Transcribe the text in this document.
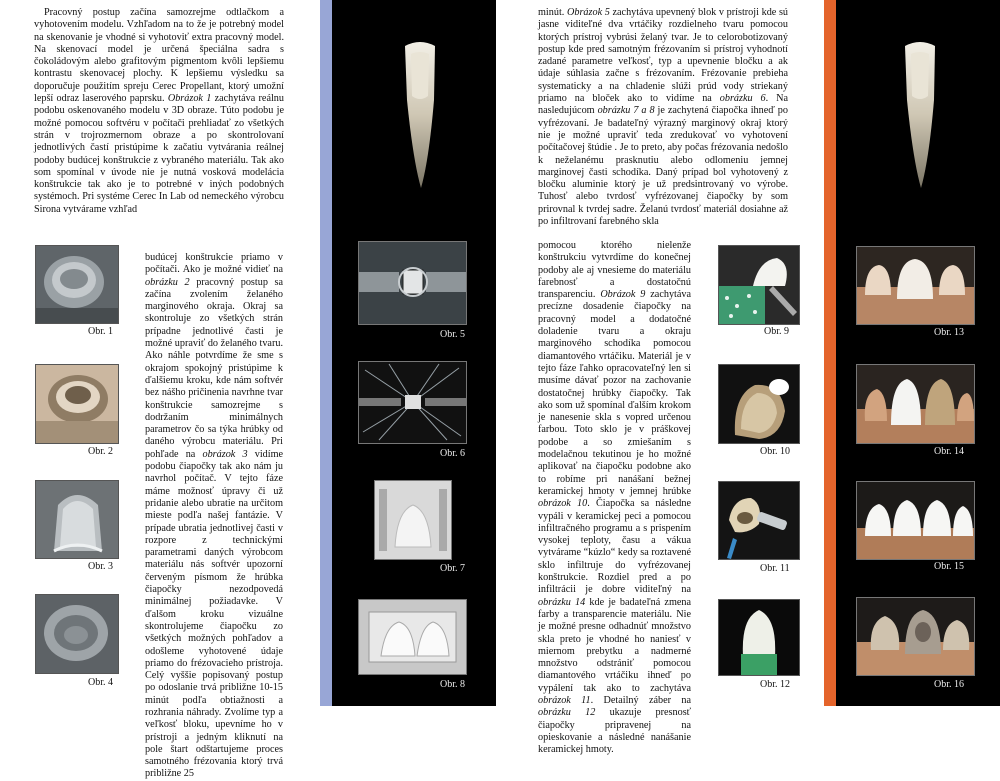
Pracovný postup začína samozrejme odtlačkom a vyhotovením modelu. Vzhľadom na to že je potrebný model na skenovanie je vhodné si vyhotoviť extra pracovný model. Na skenovací model je určená špeciálna sadra s čokoládovým alebo grafitovým pigmentom kvôli lepšiemu kontrastu skenovacej plochy. K lepšiemu výsledku sa doporučuje použitím spreju Cerec Propellant, ktorý umožní lepší odraz laserového paprsku. Obrázok 1 zachytáva reálnu podobu oskenovaného modelu v 3D obraze. Túto podobu je možné pomocou softvéru v počítači prehliadať zo všetkých strán v trojrozmernom obraze a po skontrolovaní jednotlivých častí pristúpime k začatiu vytvárania reálnej podoby budúcej konštrukcie z vybraného materiálu. Tak ako som spomínal v úvode nie je nutná vosková modelácia konštrukcie tak ako je to potrebné v iných podobných systémoch. Pri systéme Cerec In Lab od nemeckého výrobcu Sirona vytvárame vzhľad

budúcej konštrukcie priamo v počítači. Ako je možné vidieť na obrázku 2 pracovný postup sa začína zvolením želaného marginového okraja. Okraj sa skontroluje zo všetkých strán prípadne jednotlivé časti je možné upraviť do želaného tvaru. Ako náhle potvrdíme že sme s okrajom spokojný pristúpime k ďalšiemu kroku, kde nám softvér bez nášho pričinenia navrhne tvar konštrukcie samozrejme s dodržaním minimálnych parametrov čo sa týka hrúbky od daného výrobcu materiálu. Pri pohľade na obrázok 3 vidíme podobu čiapočky tak ako nám ju navrhol počítač. V tejto fáze máme možnosť úpravy či už pridanie alebo ubratie na určitom mieste podľa našej fantázie. V prípade ubratia jednotlivej časti v rozpore z technickými parametrami daných výrobcom materiálu nás softvér upozorní červeným písmom že hrúbka čiapočky nezodpovedá minimálnej požiadavke. V ďalšom kroku vizuálne skontrolujeme čiapočku zo všetkých možných pohľadov a odošleme vyhotovené údaje priamo do frézovacieho prístroja. Celý vyššie popisovaný postup po odoslanie trvá približne 10-15 minút podľa obtiažnosti a rozhrania náhrady. Zvolíme typ a veľkosť bloku, upevníme ho v prístroji a jedným kliknutí na pole štart odštartujeme proces samotného frézovania ktorý trvá približne 25

Obr. 1
Obr. 2
Obr. 3
Obr. 4
Obr. 5
Obr. 6
Obr. 7
Obr. 8

minút. Obrázok 5 zachytáva upevnený blok v prístroji kde sú jasne viditeľné dva vrtáčiky rozdielneho tvaru pomocou ktorých prístroj vybrúsi želaný tvar. Je to celorobotizovaný postup kde pred samotným frézovaním si prístroj vyhodnotí zadané parametre veľkosť, typ a upevnenie bločku a ak údaje súhlasia začne s frézovaním. Frézovanie prebieha systematicky a na chladenie slúži prúd vody striekaný priamo na bloček ako to vidíme na obrázku 6. Na nasledujúcom obrázku 7 a 8 je zachytená čiapočka ihneď po vyfrézovaní. Je badateľný výrazný marginový okraj ktorý nie je možné upraviť teda zredukovať vo vyhotovení počítačovej štúdie . Je to preto, aby počas frézovania nedošlo k neželanému prasknutiu alebo odlomeniu jemnej marginovej časti schodíka. Daný prípad bol vyhotovený z bločku aluminie ktorý je už predsintrovaný vo výrobe. Tuhosť alebo tvrdosť vyfrézovanej čiapočky by som prirovnal k tvrdej sadre. Želanú tvrdosť materiál dosiahne až po infiltrovaní farebného skla

pomocou ktorého nielenže konštrukciu vytvrdíme do konečnej podoby ale aj vnesieme do materiálu farebnosť a dostatočnú transparenciu. Obrázok 9 zachytáva precízne dosadenie čiapočky na pracovný model a dodatočné doladenie tvaru a okraju marginového schodíka pomocou diamantového vrtáčiku. Materiál je v tejto fáze ľahko opracovateľný len si musíme dávať pozor na zachovanie dostatočnej hrúbky čiapočky. Tak ako som už spomínal ďalším krokom je nanesenie skla s vopred určenou farbou. Toto sklo je v práškovej podobe a so zmiešaním s modelačnou tekutinou je ho možné aplikovať na čiapočku podobne ako to robíme pri nanášaní bežnej keramickej hmoty v jemnej hrúbke obrázok 10. Čiapočka sa následne vypáli v keramickej peci a pomocou infiltračného programu a s prispením vysokej teploty, času a vákua vytvárame “kúzlo“ kedy sa roztavené sklo infiltruje do vyfrézovanej konštrukcie. Rozdiel pred a po infiltrácii je dobre viditeľný na obrázku 14 kde je badateľná zmena farby a transparencie materiálu. Nie je možné presne odhadnúť množstvo skla preto je vhodné ho naniesť v miernom prebytku a nadmerné množstvo odstrániť pomocou diamantového vrtáčiku ihneď po vypálení tak ako to zachytáva obrázok 11. Detailný záber na obrázku 12 ukazuje presnosť čiapočky pripravenej na opieskovanie a následné nanášanie keramickej hmoty.

Obr. 9
Obr. 10
Obr. 11
Obr. 12
Obr. 13
Obr. 14
Obr. 15
Obr. 16
